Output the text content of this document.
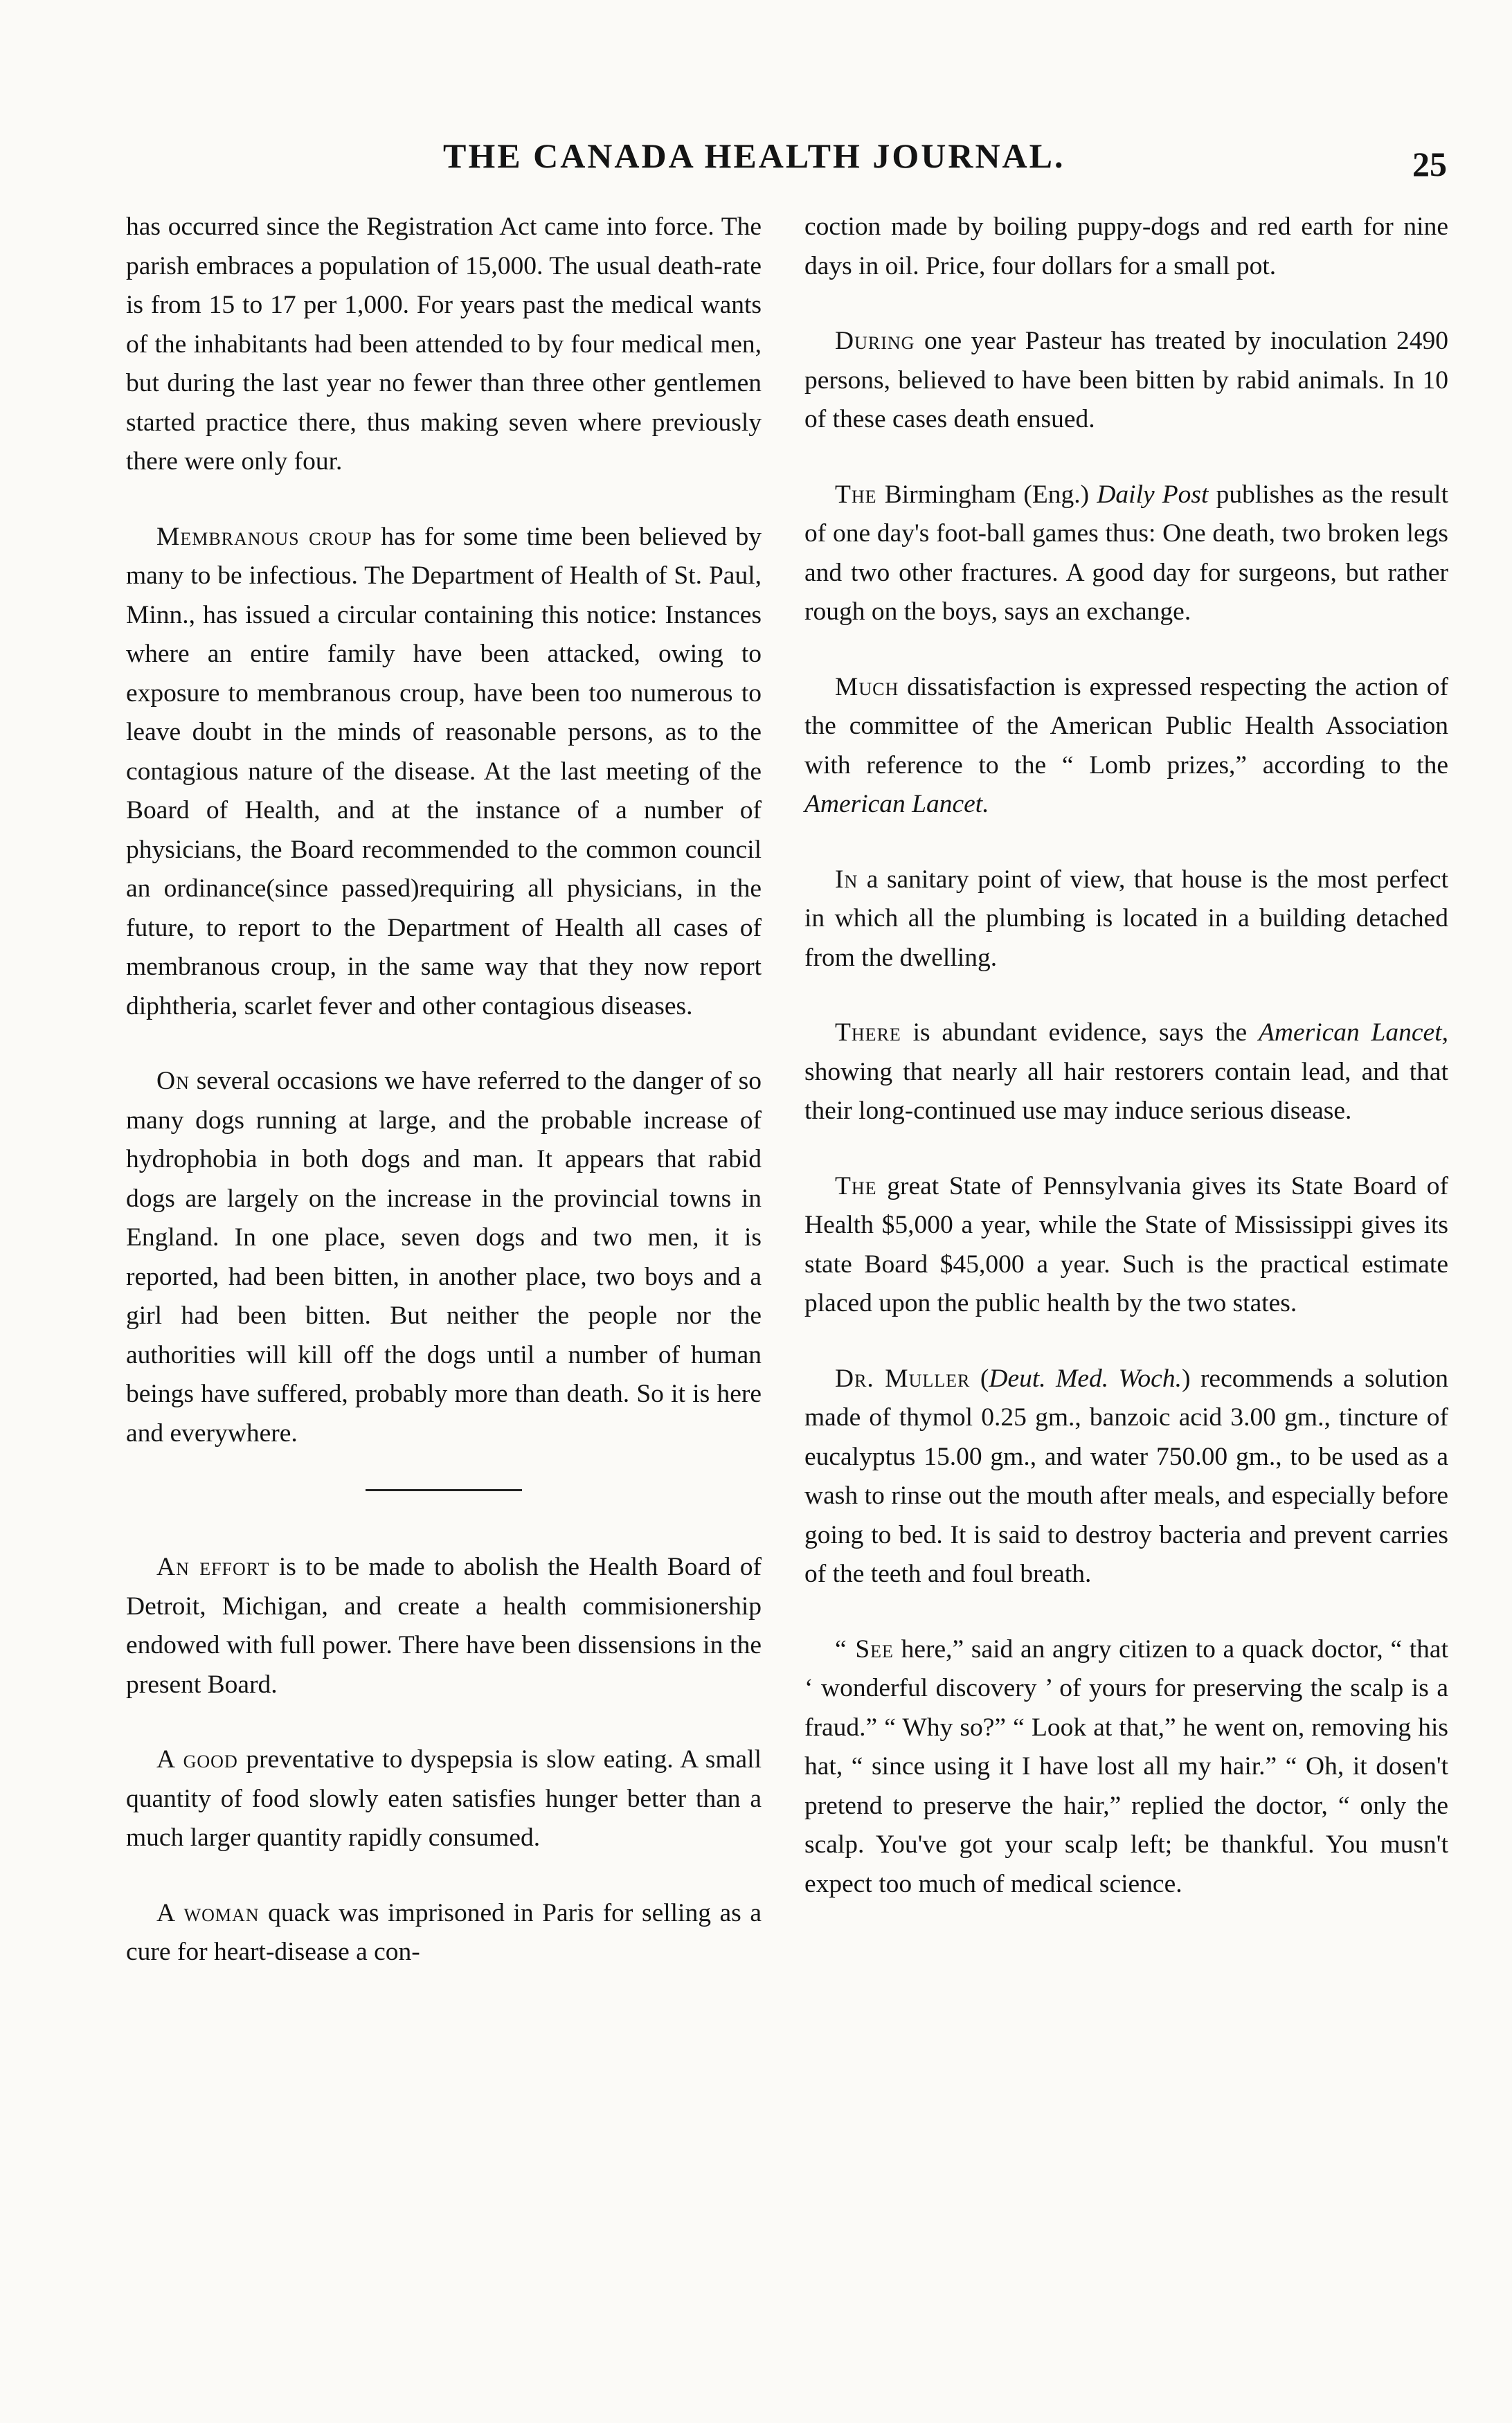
THE CANADA HEALTH JOURNAL.	25

has occurred since the Registration Act came into force. The parish embraces a population of 15,000. The usual death-rate is from 15 to 17 per 1,000. For years past the medical wants of the inhabitants had been attended to by four medical men, but during the last year no fewer than three other gentlemen started practice there, thus making seven where previously there were only four.

Membranous croup has for some time been believed by many to be infectious. The Department of Health of St. Paul, Minn., has issued a circular containing this notice: Instances where an entire family have been attacked, owing to exposure to membranous croup, have been too numerous to leave doubt in the minds of reasonable persons, as to the contagious nature of the disease. At the last meeting of the Board of Health, and at the instance of a number of physicians, the Board recommended to the common council an ordinance(since passed)requiring all physicians, in the future, to report to the Department of Health all cases of membranous croup, in the same way that they now report diphtheria, scarlet fever and other contagious diseases.

On several occasions we have referred to the danger of so many dogs running at large, and the probable increase of hydrophobia in both dogs and man. It appears that rabid dogs are largely on the increase in the provincial towns in England. In one place, seven dogs and two men, it is reported, had been bitten, in another place, two boys and a girl had been bitten. But neither the people nor the authorities will kill off the dogs until a number of human beings have suffered, probably more than death. So it is here and everywhere.

An effort is to be made to abolish the Health Board of Detroit, Michigan, and create a health commisionership endowed with full power. There have been dissensions in the present Board.

A good preventative to dyspepsia is slow eating. A small quantity of food slowly eaten satisfies hunger better than a much larger quantity rapidly consumed.

A woman quack was imprisoned in Paris for selling as a cure for heart-disease a con-

coction made by boiling puppy-dogs and red earth for nine days in oil. Price, four dollars for a small pot.

During one year Pasteur has treated by inoculation 2490 persons, believed to have been bitten by rabid animals. In 10 of these cases death ensued.

The Birmingham (Eng.) Daily Post publishes as the result of one day's foot-ball games thus: One death, two broken legs and two other fractures. A good day for surgeons, but rather rough on the boys, says an exchange.

Much dissatisfaction is expressed respecting the action of the committee of the American Public Health Association with reference to the “ Lomb prizes,” according to the American Lancet.

In a sanitary point of view, that house is the most perfect in which all the plumbing is located in a building detached from the dwelling.

There is abundant evidence, says the American Lancet, showing that nearly all hair restorers contain lead, and that their long-continued use may induce serious disease.

The great State of Pennsylvania gives its State Board of Health $5,000 a year, while the State of Mississippi gives its state Board $45,000 a year. Such is the practical estimate placed upon the public health by the two states.

Dr. Muller (Deut. Med. Woch.) recommends a solution made of thymol 0.25 gm., banzoic acid 3.00 gm., tincture of eucalyptus 15.00 gm., and water 750.00 gm., to be used as a wash to rinse out the mouth after meals, and especially before going to bed. It is said to destroy bacteria and prevent carries of the teeth and foul breath.

“ See here,” said an angry citizen to a quack doctor, “ that ‘ wonderful discovery ’ of yours for preserving the scalp is a fraud.” “ Why so?” “ Look at that,” he went on, removing his hat, “ since using it I have lost all my hair.” “ Oh, it dosen't pretend to preserve the hair,” replied the doctor, “ only the scalp. You've got your scalp left; be thankful. You musn't expect too much of medical science.
